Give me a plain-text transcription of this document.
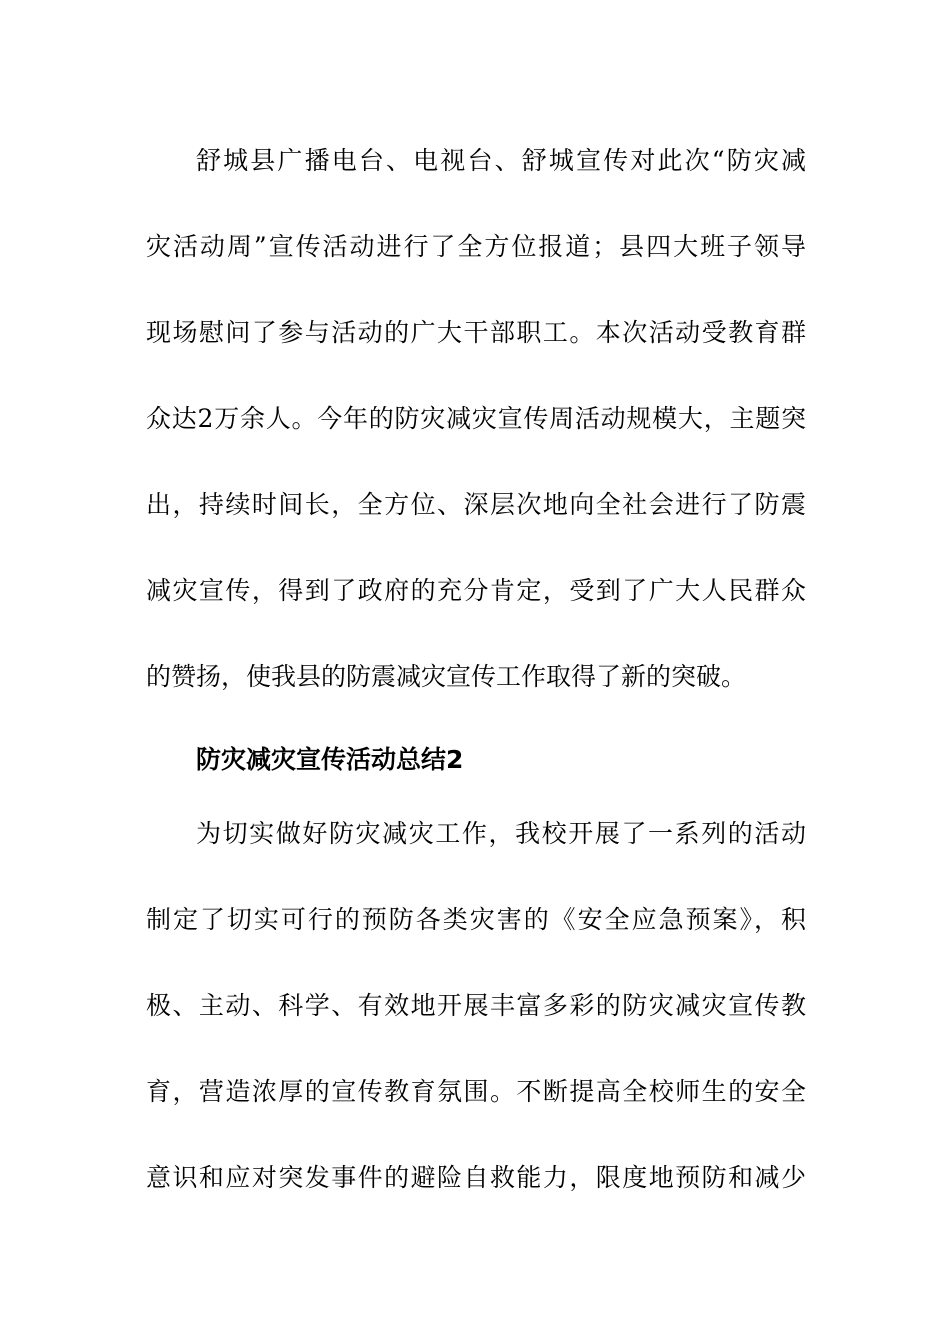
舒城县广播电台、电视台、舒城宣传对此次“防灾减
灾活动周”宣传活动进行了全方位报道；县四大班子领导
现场慰问了参与活动的广大干部职工。本次活动受教育群
众达2万余人。今年的防灾减灾宣传周活动规模大，主题突
出，持续时间长，全方位、深层次地向全社会进行了防震
减灾宣传，得到了政府的充分肯定，受到了广大人民群众
的赞扬，使我县的防震减灾宣传工作取得了新的突破。
防灾减灾宣传活动总结2
为切实做好防灾减灾工作，我校开展了一系列的活动
制定了切实可行的预防各类灾害的《安全应急预案》，积
极、主动、科学、有效地开展丰富多彩的防灾减灾宣传教
育，营造浓厚的宣传教育氛围。不断提高全校师生的安全
意识和应对突发事件的避险自救能力，限度地预防和减少
